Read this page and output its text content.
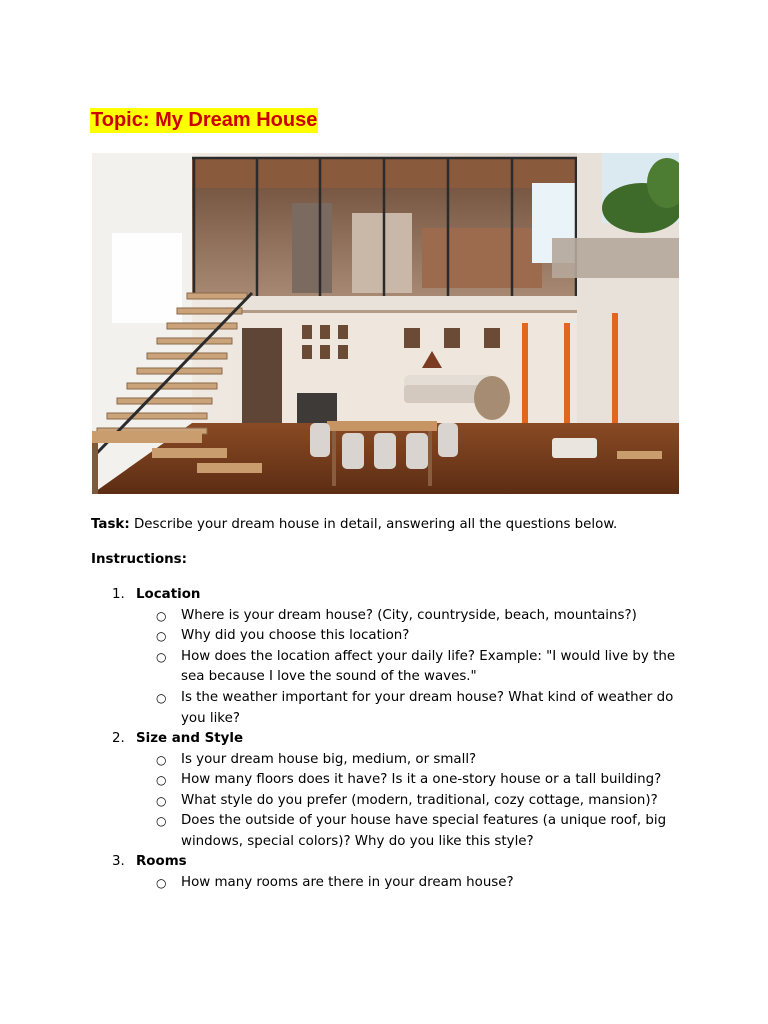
Topic: My Dream House
Task: Describe your dream house in detail, answering all the questions below.
Instructions:
1. Location
○ Where is your dream house? (City, countryside, beach, mountains?)
○ Why did you choose this location?
○ How does the location affect your daily life? Example: "I would live by the sea because I love the sound of the waves."
○ Is the weather important for your dream house? What kind of weather do you like?
2. Size and Style
○ Is your dream house big, medium, or small?
○ How many floors does it have? Is it a one-story house or a tall building?
○ What style do you prefer (modern, traditional, cozy cottage, mansion)?
○ Does the outside of your house have special features (a unique roof, big windows, special colors)? Why do you like this style?
3. Rooms
○ How many rooms are there in your dream house?
